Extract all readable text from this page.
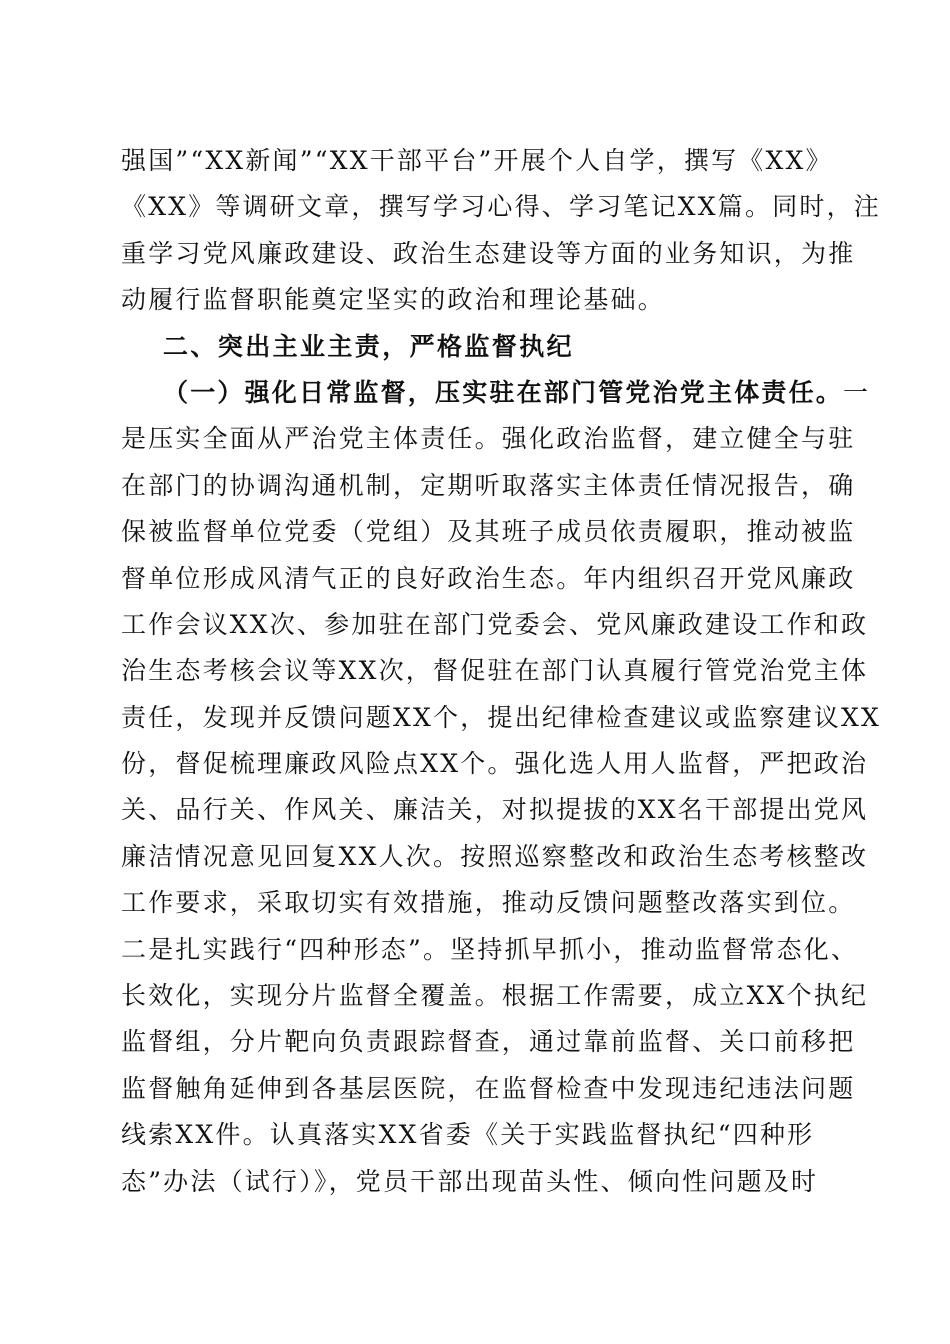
强国”“XX新闻”“XX干部平台”开展个人自学，撰写《XX》
《XX》等调研文章，撰写学习心得、学习笔记XX篇。同时，注
重学习党风廉政建设、政治生态建设等方面的业务知识，为推
动履行监督职能奠定坚实的政治和理论基础。
二、突出主业主责，严格监督执纪
（一）强化日常监督，压实驻在部门管党治党主体责任。一
是压实全面从严治党主体责任。强化政治监督，建立健全与驻
在部门的协调沟通机制，定期听取落实主体责任情况报告，确
保被监督单位党委（党组）及其班子成员依责履职，推动被监
督单位形成风清气正的良好政治生态。年内组织召开党风廉政
工作会议XX次、参加驻在部门党委会、党风廉政建设工作和政
治生态考核会议等XX次，督促驻在部门认真履行管党治党主体
责任，发现并反馈问题XX个，提出纪律检查建议或监察建议XX
份，督促梳理廉政风险点XX个。强化选人用人监督，严把政治
关、品行关、作风关、廉洁关，对拟提拔的XX名干部提出党风
廉洁情况意见回复XX人次。按照巡察整改和政治生态考核整改
工作要求，采取切实有效措施，推动反馈问题整改落实到位。
二是扎实践行“四种形态”。坚持抓早抓小，推动监督常态化、
长效化，实现分片监督全覆盖。根据工作需要，成立XX个执纪
监督组，分片靶向负责跟踪督查，通过靠前监督、关口前移把
监督触角延伸到各基层医院，在监督检查中发现违纪违法问题
线索XX件。认真落实XX省委《关于实践监督执纪“四种形
态”办法（试行）》，党员干部出现苗头性、倾向性问题及时
